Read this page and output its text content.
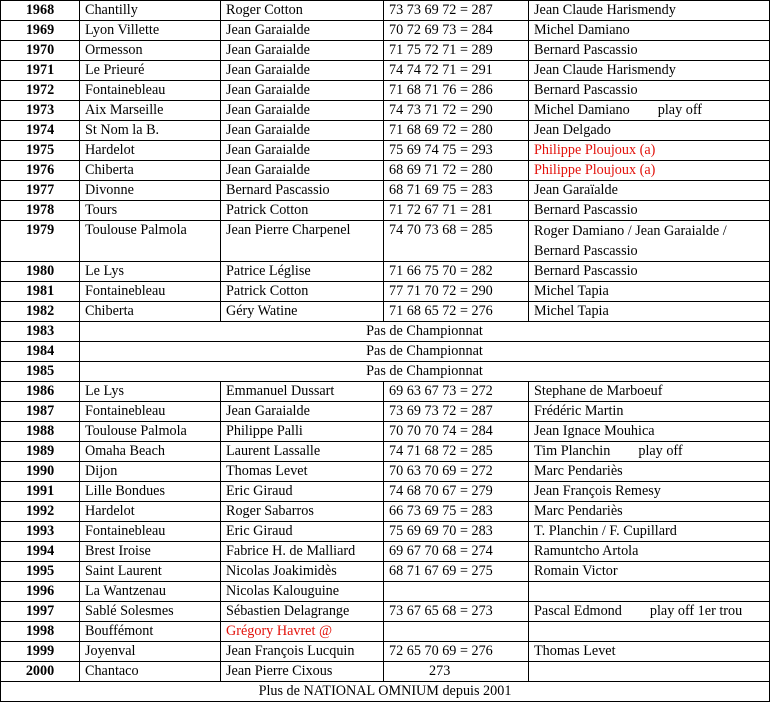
1968	Chantilly	Roger Cotton	73 73 69 72 = 287	Jean Claude Harismendy
1969	Lyon Villette	Jean Garaialde	70 72 69 73 = 284	Michel Damiano
1970	Ormesson	Jean Garaialde	71 75 72 71 = 289	Bernard Pascassio
1971	Le Prieuré	Jean Garaialde	74 74 72 71 = 291	Jean Claude Harismendy
1972	Fontainebleau	Jean Garaialde	71 68 71 76 = 286	Bernard Pascassio
1973	Aix Marseille	Jean Garaialde	74 73 71 72 = 290	Michel Damiano play off
1974	St Nom la B.	Jean Garaialde	71 68 69 72 = 280	Jean Delgado
1975	Hardelot	Jean Garaialde	75 69 74 75 = 293	Philippe Ploujoux (a)
1976	Chiberta	Jean Garaialde	68 69 71 72 = 280	Philippe Ploujoux (a)
1977	Divonne	Bernard Pascassio	68 71 69 75 = 283	Jean Garaïalde
1978	Tours	Patrick Cotton	71 72 67 71 = 281	Bernard Pascassio
1979	Toulouse Palmola	Jean Pierre Charpenel	74 70 73 68 = 285	Roger Damiano / Jean Garaialde / Bernard Pascassio
1980	Le Lys	Patrice Léglise	71 66 75 70 = 282	Bernard Pascassio
1981	Fontainebleau	Patrick Cotton	77 71 70 72 = 290	Michel Tapia
1982	Chiberta	Géry Watine	71 68 65 72 = 276	Michel Tapia
1983	Pas de Championnat			
1984	Pas de Championnat			
1985	Pas de Championnat			
1986	Le Lys	Emmanuel Dussart	69 63 67 73 = 272	Stephane de Marboeuf
1987	Fontainebleau	Jean Garaialde	73 69 73 72 = 287	Frédéric Martin
1988	Toulouse Palmola	Philippe Palli	70 70 70 74 = 284	Jean Ignace Mouhica
1989	Omaha Beach	Laurent Lassalle	74 71 68 72 = 285	Tim Planchin play off
1990	Dijon	Thomas Levet	70 63 70 69 = 272	Marc Pendariès
1991	Lille Bondues	Eric Giraud	74 68 70 67 = 279	Jean François Remesy
1992	Hardelot	Roger Sabarros	66 73 69 75 = 283	Marc Pendariès
1993	Fontainebleau	Eric Giraud	75 69 69 70 = 283	T. Planchin / F. Cupillard
1994	Brest Iroise	Fabrice H. de Malliard	69 67 70 68 = 274	Ramuntcho Artola
1995	Saint Laurent	Nicolas Joakimidès	68 71 67 69 = 275	Romain Victor
1996	La Wantzenau	Nicolas Kalouguine		
1997	Sablé Solesmes	Sébastien Delagrange	73 67 65 68 = 273	Pascal Edmond play off 1er trou
1998	Bouffémont	Grégory Havret @		
1999	Joyenval	Jean François Lucquin	72 65 70 69 = 276	Thomas Levet
2000	Chantaco	Jean Pierre Cixous	273	
Plus de NATIONAL OMNIUM depuis 2001				
